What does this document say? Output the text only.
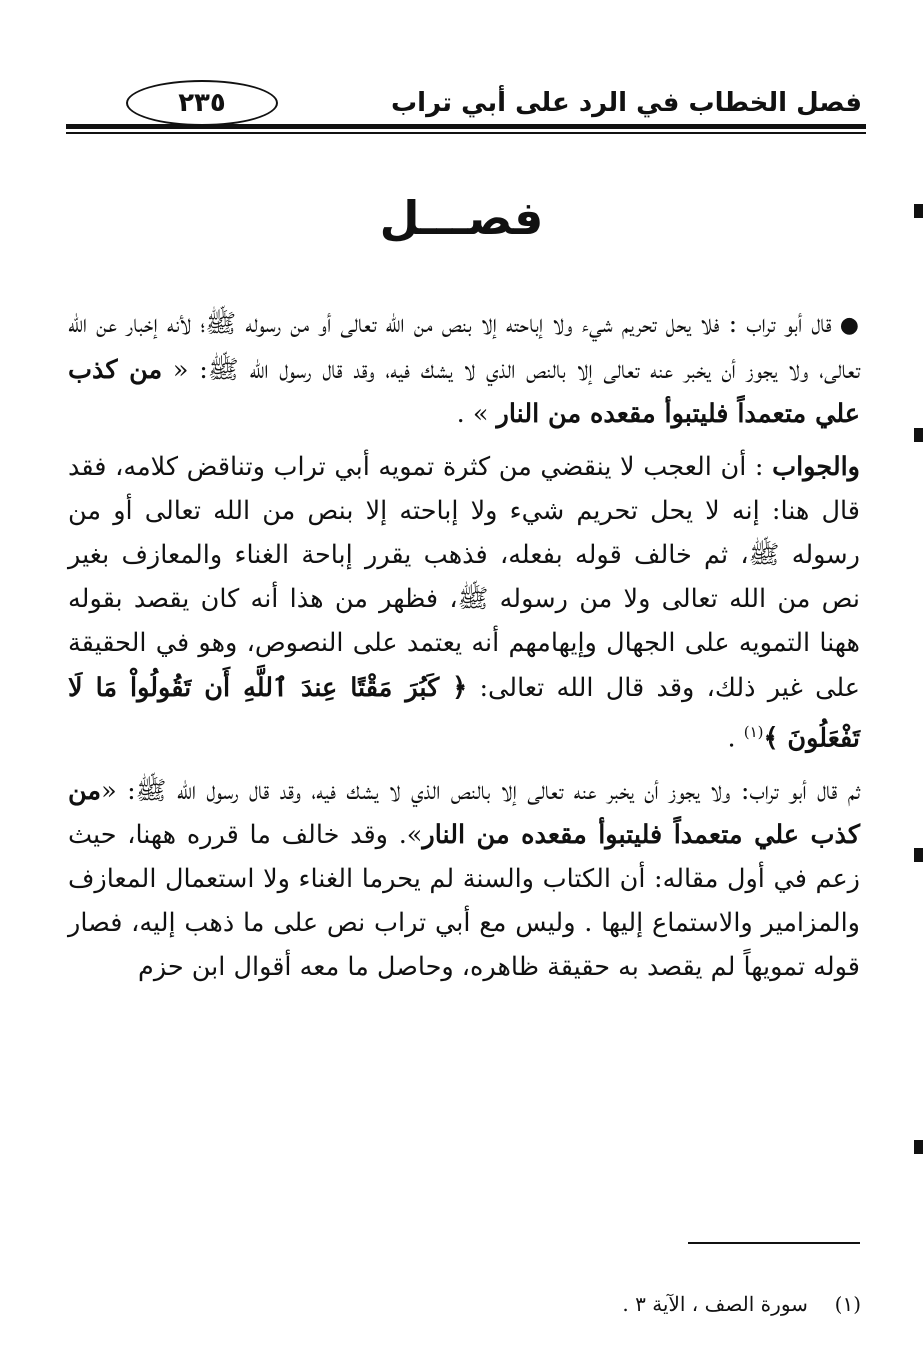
فصل الخطاب في الرد على أبي تراب
٢٣٥
فصـــل

● قال أبو تراب : فلا يحل تحريم شيء ولا إباحته إلا بنص من الله تعالى أو من رسوله ﷺ؛ لأنه إخبار عن الله تعالى، ولا يجوز أن يخبر عنه تعالى إلا بالنص الذي لا يشك فيه، وقد قال رسول الله ﷺ: « من كذب علي متعمداً فليتبوأ مقعده من النار » .

والجواب : أن العجب لا ينقضي من كثرة تمويه أبي تراب وتناقض كلامه، فقد قال هنا: إنه لا يحل تحريم شيء ولا إباحته إلا بنص من الله تعالى أو من رسوله ﷺ، ثم خالف قوله بفعله، فذهب يقرر إباحة الغناء والمعازف بغير نص من الله تعالى ولا من رسوله ﷺ، فظهر من هذا أنه كان يقصد بقوله ههنا التمويه على الجهال وإيهامهم أنه يعتمد على النصوص، وهو في الحقيقة على غير ذلك، وقد قال الله تعالى: ﴿ كَبُرَ مَقْتًا عِندَ ٱللَّهِ أَن تَقُولُواْ مَا لَا تَفْعَلُونَ ﴾$^{(١)}$ .

ثم قال أبو تراب: ولا يجوز أن يخبر عنه تعالى إلا بالنص الذي لا يشك فيه، وقد قال رسول الله ﷺ: «من كذب علي متعمداً فليتبوأ مقعده من النار». وقد خالف ما قرره ههنا، حيث زعم في أول مقاله: أن الكتاب والسنة لم يحرما الغناء ولا استعمال المعازف والمزامير والاستماع إليها . وليس مع أبي تراب نص على ما ذهب إليه، فصار قوله تمويهاً لم يقصد به حقيقة ظاهره، وحاصل ما معه أقوال ابن حزم

(١)  سورة الصف ، الآية ٣ .
